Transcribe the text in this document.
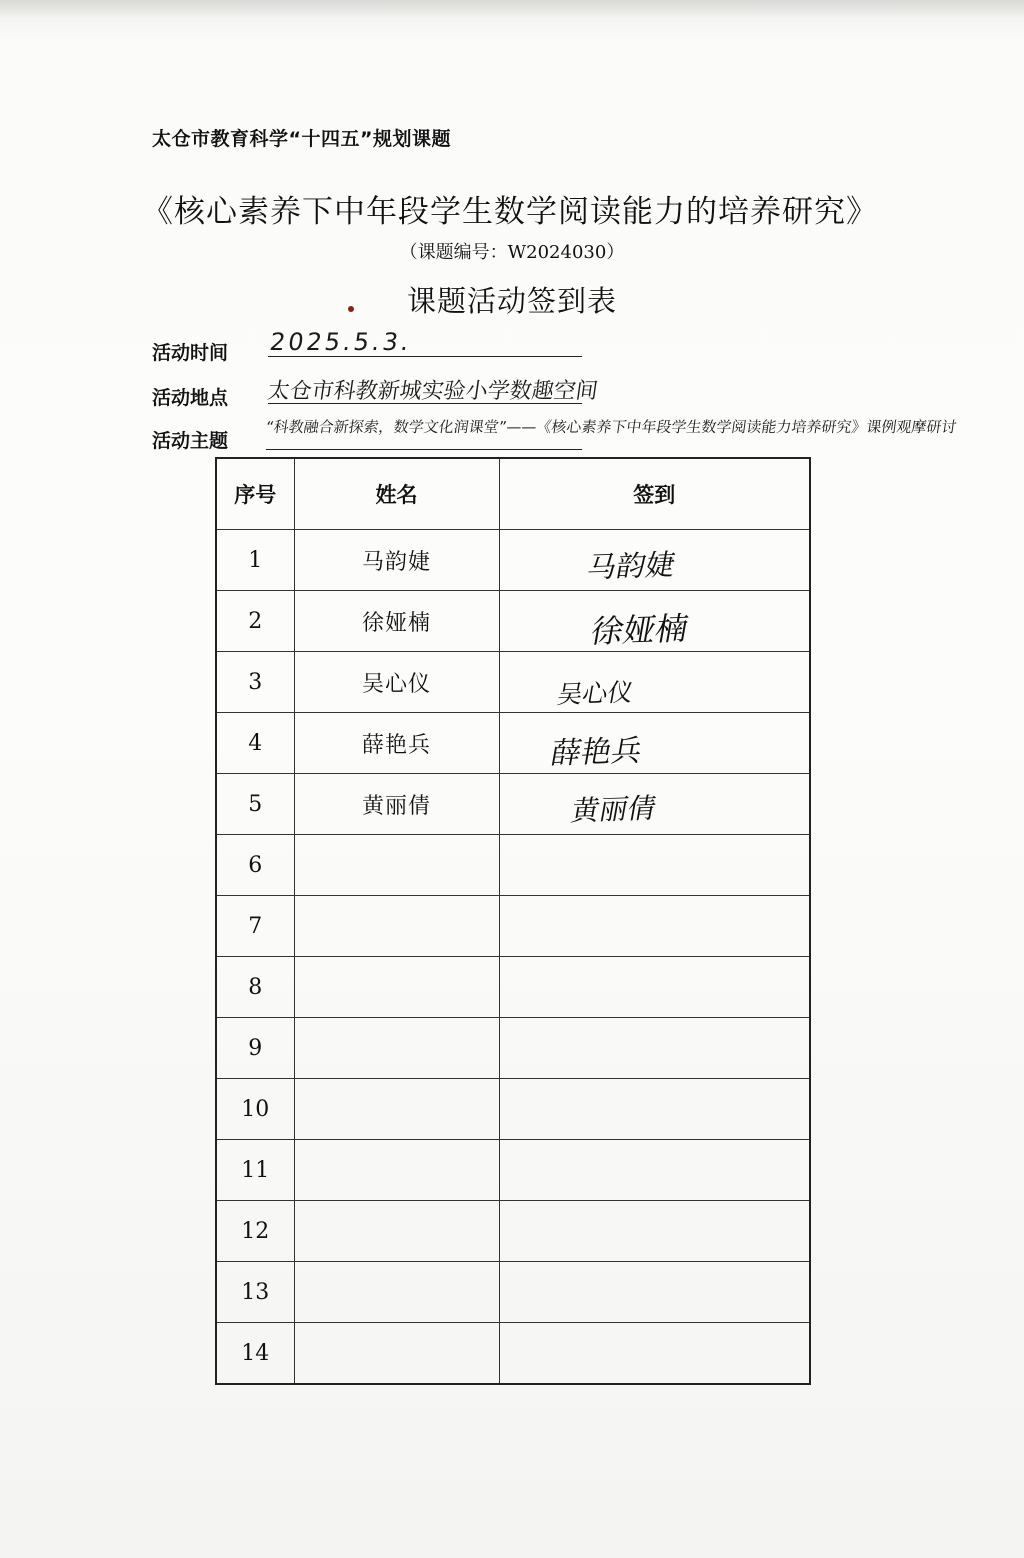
太仓市教育科学“十四五”规划课题
《核心素养下中年段学生数学阅读能力的培养研究》
（课题编号：W2024030）
课题活动签到表
活动时间 2025.5.3.
活动地点 太仓市科教新城实验小学数趣空间
活动主题
“科教融合新探索，数学文化润课堂”——《核心素养下中年段学生数学阅读能力培养研究》课例观摩研讨
序号	姓名	签到
1	马韵婕	马韵婕

2	徐娅楠	徐娅楠

3	吴心仪	吴心仪

4	薛艳兵	薛艳兵

5	黄丽倩	黄丽倩

6		
7		
8		
9		
10		
11		
12		
13		
14		
